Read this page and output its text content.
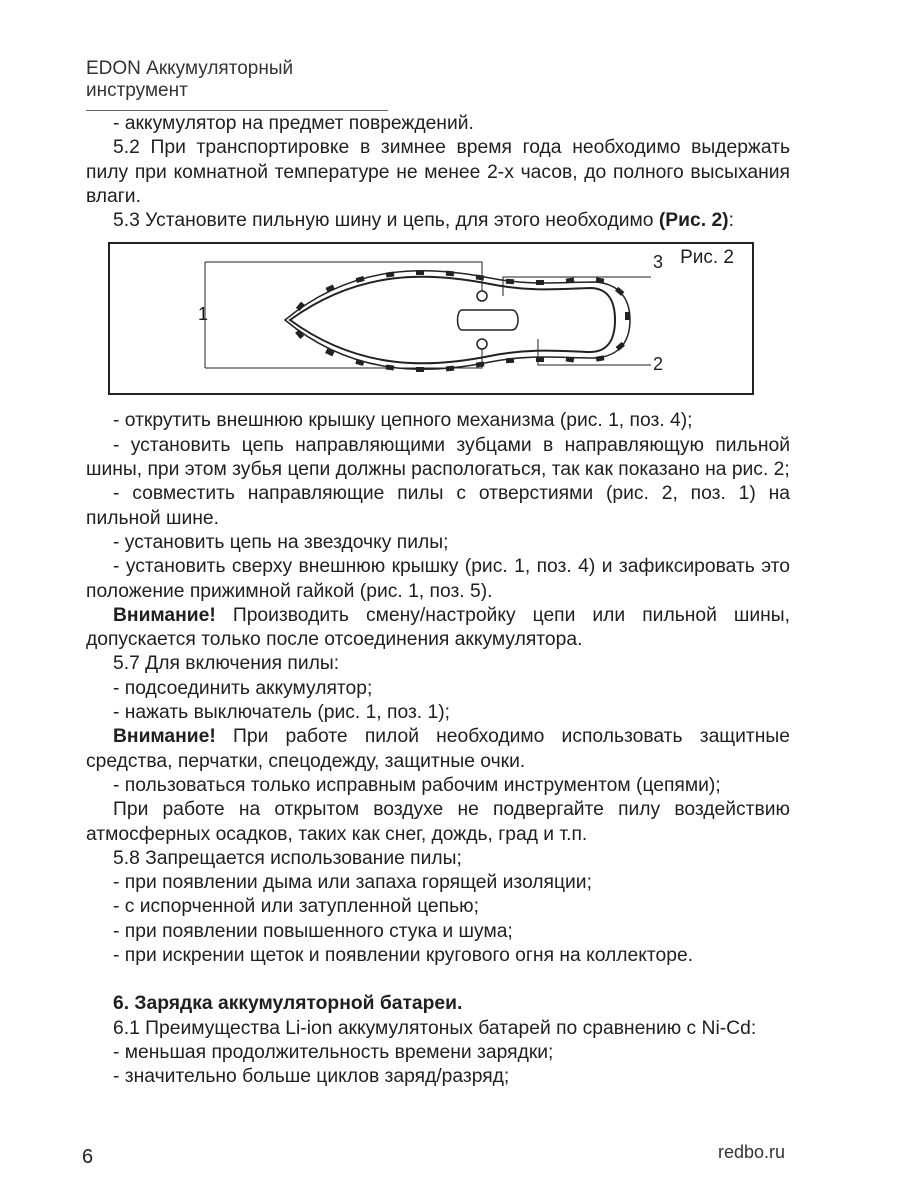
EDON Аккумуляторный инструмент

- аккумулятор на предмет повреждений.

5.2 При транспортировке в зимнее время года необходимо выдержать пилу при комнатной температуре не менее 2-х часов, до полного высыхания влаги.

5.3 Установите пильную шину и цепь, для этого необходимо (Рис. 2):

Рис. 2
1
2
3

- открутить внешнюю крышку цепного механизма (рис. 1, поз. 4);

- установить цепь направляющими зубцами в направляющую пильной шины, при этом зубья цепи должны распологаться, так как показано на рис. 2;

- совместить направляющие пилы с отверстиями (рис. 2, поз. 1) на пильной шине.

- установить цепь на звездочку пилы;

- установить сверху внешнюю крышку (рис. 1, поз. 4) и зафиксировать это положение прижимной гайкой (рис. 1, поз. 5).

Внимание! Производить смену/настройку цепи или пильной шины, допускается только после отсоединения аккумулятора.

5.7 Для включения пилы:

- подсоединить аккумулятор;

- нажать выключатель (рис. 1, поз. 1);

Внимание! При работе пилой необходимо использовать защитные средства, перчатки, спецодежду, защитные очки.

- пользоваться только исправным рабочим инструментом (цепями);

При работе на открытом воздухе не подвергайте пилу воздействию атмосферных осадков, таких как снег, дождь, град и т.п.

5.8 Запрещается использование пилы;

- при появлении дыма или запаха горящей изоляции;

- с испорченной или затупленной цепью;

- при появлении повышенного стука и шума;

- при искрении щеток и появлении кругового огня на коллекторе.

6. Зарядка аккумуляторной батареи.

6.1 Преимущества Li-ion аккумулятоных батарей по сравнению с Ni-Cd:

- меньшая продолжительность времени зарядки;

- значительно больше циклов заряд/разряд;

6	redbo.ru
